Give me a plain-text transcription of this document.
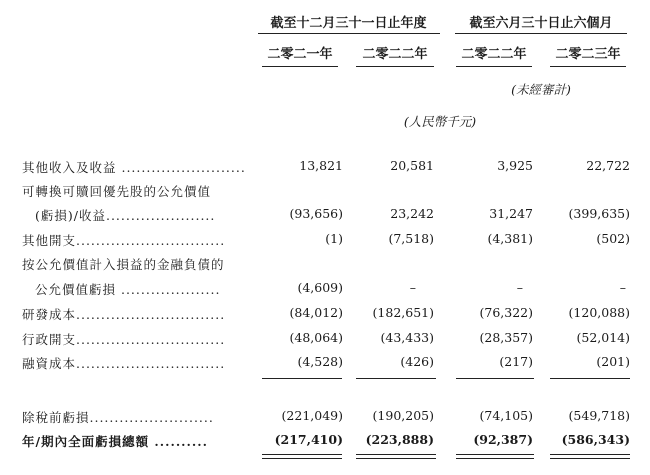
截至十二月三十一日止年度	截至六月三十日止六個月
二零二一年	二零二二年	二零二二年	二零二三年
(未經審計)
(人民幣千元)
其他收入及收益 .........................	13,821	20,581	3,925	22,722
可轉換可贖回優先股的公允價值
(虧損)/收益......................	(93,656)	23,242	31,247	(399,635)
其他開支..............................	(1)	(7,518)	(4,381)	(502)
按公允價值計入損益的金融負債的
公允價值虧損 ....................	(4,609)	–	–	–
研發成本..............................	(84,012) (182,651)	(76,322)	(120,088)
行政開支..............................	(48,064)	(43,433)	(28,357)	(52,014)
融資成本..............................	(4,528)	(426)	(217)	(201)
除稅前虧損.........................	(221,049) (190,205)	(74,105)	(549,718)
年/期內全面虧損總額 ..........	(217,410) (223,888)	(92,387) (586,343)
